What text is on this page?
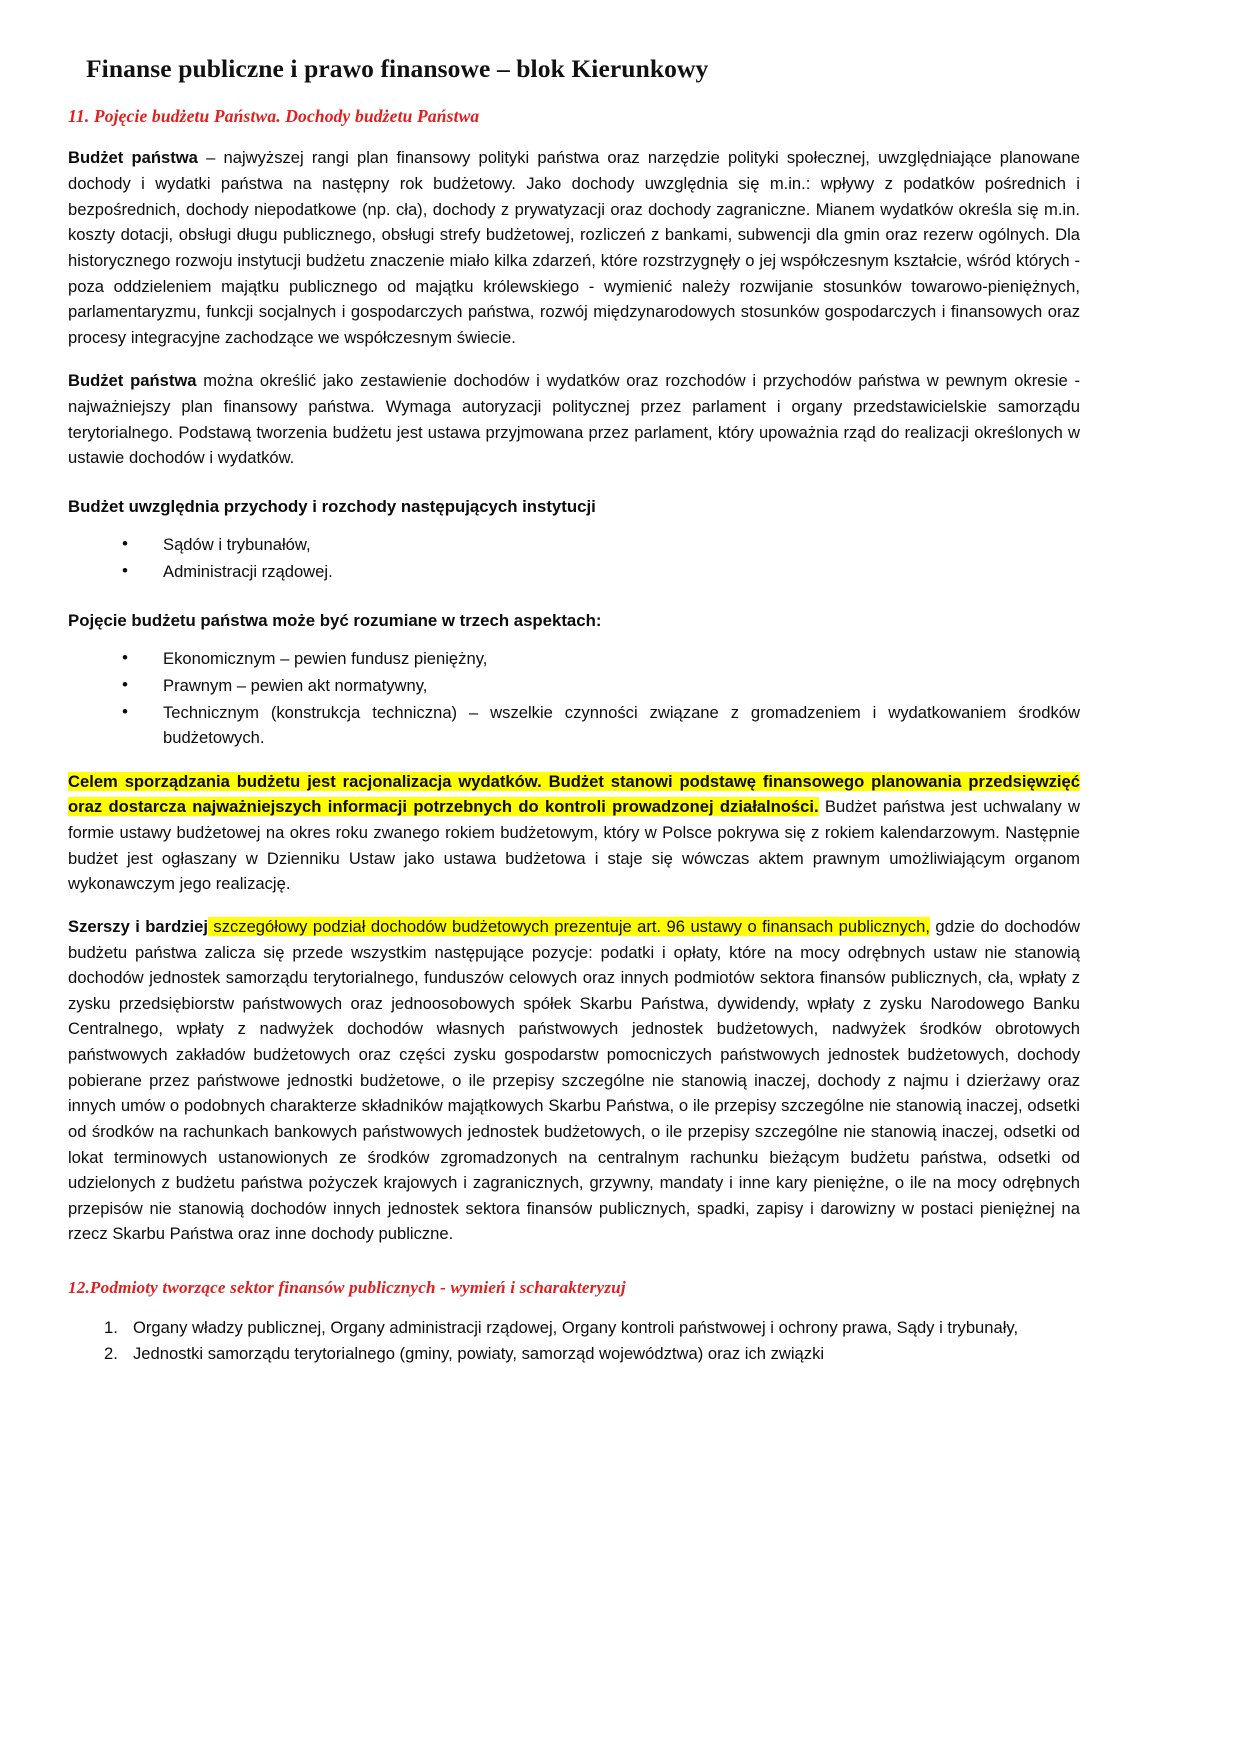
Finanse publiczne i prawo finansowe – blok Kierunkowy
11. Pojęcie budżetu Państwa. Dochody budżetu Państwa

Budżet państwa – najwyższej rangi plan finansowy polityki państwa oraz narzędzie polityki społecznej, uwzględniające planowane dochody i wydatki państwa na następny rok budżetowy. Jako dochody uwzględnia się m.in.: wpływy z podatków pośrednich i bezpośrednich, dochody niepodatkowe (np. cła), dochody z prywatyzacji oraz dochody zagraniczne. Mianem wydatków określa się m.in. koszty dotacji, obsługi długu publicznego, obsługi strefy budżetowej, rozliczeń z bankami, subwencji dla gmin oraz rezerw ogólnych. Dla historycznego rozwoju instytucji budżetu znaczenie miało kilka zdarzeń, które rozstrzygnęły o jej współczesnym kształcie, wśród których - poza oddzieleniem majątku publicznego od majątku królewskiego - wymienić należy rozwijanie stosunków towarowo-pieniężnych, parlamentaryzmu, funkcji socjalnych i gospodarczych państwa, rozwój międzynarodowych stosunków gospodarczych i finansowych oraz procesy integracyjne zachodzące we współczesnym świecie.

Budżet państwa można określić jako zestawienie dochodów i wydatków oraz rozchodów i przychodów państwa w pewnym okresie - najważniejszy plan finansowy państwa. Wymaga autoryzacji politycznej przez parlament i organy przedstawicielskie samorządu terytorialnego. Podstawą tworzenia budżetu jest ustawa przyjmowana przez parlament, który upoważnia rząd do realizacji określonych w ustawie dochodów i wydatków.

Budżet uwzględnia przychody i rozchody następujących instytucji
• Sądów i trybunałów,
• Administracji rządowej.
Pojęcie budżetu państwa może być rozumiane w trzech aspektach:
• Ekonomicznym – pewien fundusz pieniężny,
• Prawnym – pewien akt normatywny,
• Technicznym (konstrukcja techniczna) – wszelkie czynności związane z gromadzeniem i wydatkowaniem środków budżetowych.

Celem sporządzania budżetu jest racjonalizacja wydatków. Budżet stanowi podstawę finansowego planowania przedsięwzięć oraz dostarcza najważniejszych informacji potrzebnych do kontroli prowadzonej działalności. Budżet państwa jest uchwalany w formie ustawy budżetowej na okres roku zwanego rokiem budżetowym, który w Polsce pokrywa się z rokiem kalendarzowym. Następnie budżet jest ogłaszany w Dzienniku Ustaw jako ustawa budżetowa i staje się wówczas aktem prawnym umożliwiającym organom wykonawczym jego realizację.

Szerszy i bardziej szczegółowy podział dochodów budżetowych prezentuje art. 96 ustawy o finansach publicznych, gdzie do dochodów budżetu państwa zalicza się przede wszystkim następujące pozycje: podatki i opłaty, które na mocy odrębnych ustaw nie stanowią dochodów jednostek samorządu terytorialnego, funduszów celowych oraz innych podmiotów sektora finansów publicznych, cła, wpłaty z zysku przedsiębiorstw państwowych oraz jednoosobowych spółek Skarbu Państwa, dywidendy, wpłaty z zysku Narodowego Banku Centralnego, wpłaty z nadwyżek dochodów własnych państwowych jednostek budżetowych, nadwyżek środków obrotowych państwowych zakładów budżetowych oraz części zysku gospodarstw pomocniczych państwowych jednostek budżetowych, dochody pobierane przez państwowe jednostki budżetowe, o ile przepisy szczególne nie stanowią inaczej, dochody z najmu i dzierżawy oraz innych umów o podobnych charakterze składników majątkowych Skarbu Państwa, o ile przepisy szczególne nie stanowią inaczej, odsetki od środków na rachunkach bankowych państwowych jednostek budżetowych, o ile przepisy szczególne nie stanowią inaczej, odsetki od lokat terminowych ustanowionych ze środków zgromadzonych na centralnym rachunku bieżącym budżetu państwa, odsetki od udzielonych z budżetu państwa pożyczek krajowych i zagranicznych, grzywny, mandaty i inne kary pieniężne, o ile na mocy odrębnych przepisów nie stanowią dochodów innych jednostek sektora finansów publicznych, spadki, zapisy i darowizny w postaci pieniężnej na rzecz Skarbu Państwa oraz inne dochody publiczne.

12.Podmioty tworzące sektor finansów publicznych - wymień i scharakteryzuj
Organy władzy publicznej, Organy administracji rządowej, Organy kontroli państwowej i ochrony prawa, Sądy i trybunały,
Jednostki samorządu terytorialnego (gminy, powiaty, samorząd województwa) oraz ich związki
